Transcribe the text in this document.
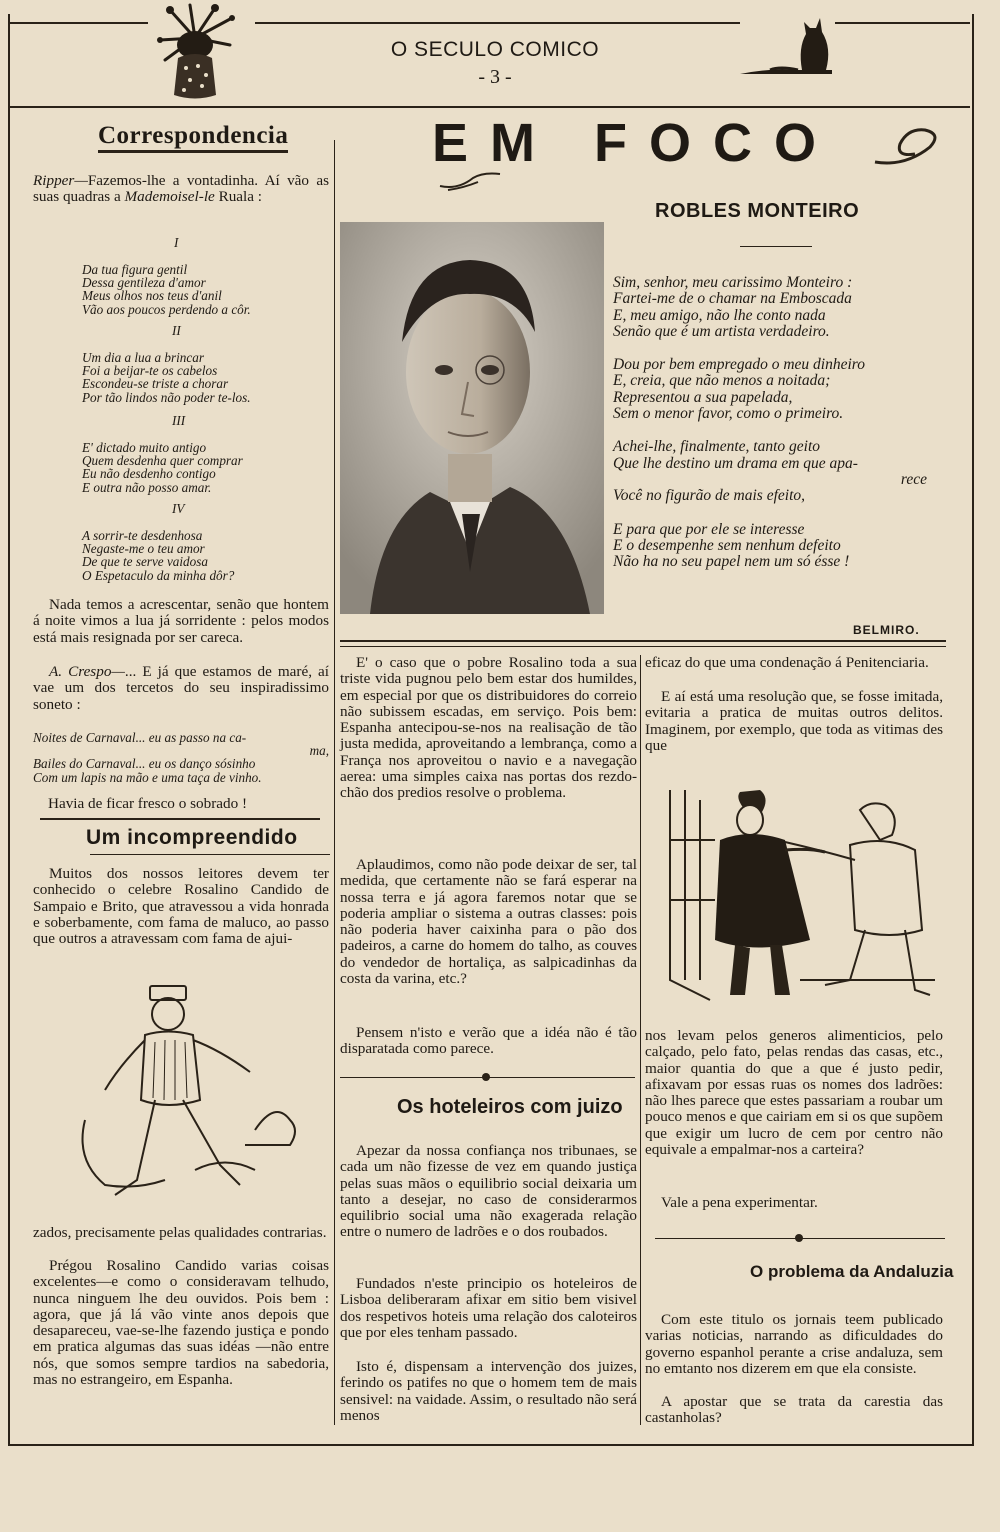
O SECULO COMICO
- 3 -
Correspondencia
Ripper—Fazemos-lhe a vontadinha. Aí vão as suas quadras a Mademoisel-le Ruala :
I
Da tua figura gentil
Dessa gentileza d'amor
Meus olhos nos teus d'anil
Vão aos poucos perdendo a côr.
II
Um dia a lua a brincar
Foi a beijar-te os cabelos
Escondeu-se triste a chorar
Por tão lindos não poder te-los.
III
E' dictado muito antigo
Quem desdenha quer comprar
Eu não desdenho contigo
E outra não posso amar.
IV
A sorrir-te desdenhosa
Negaste-me o teu amor
De que te serve vaidosa
O Espetaculo da minha dôr?
Nada temos a acrescentar, senão que hontem á noite vimos a lua já sorridente : pelos modos está mais resignada por ser careca.
A. Crespo—... E já que estamos de maré, aí vae um dos tercetos do seu inspiradissimo soneto :
Noites de Carnaval... eu as passo na ca-
ma,
Bailes do Carnaval... eu os danço sósinho
Com um lapis na mão e uma taça de vinho.
Havia de ficar fresco o sobrado !
Um incompreendido
Muitos dos nossos leitores devem ter conhecido o celebre Rosalino Candido de Sampaio e Brito, que atravessou a vida honrada e soberbamente, com fama de maluco, ao passo que outros a atravessam com fama de ajui-
zados, precisamente pelas qualidades contrarias.
Prégou Rosalino Candido varias coisas excelentes—e como o consideravam telhudo, nunca ninguem lhe deu ouvidos. Pois bem : agora, que já lá vão vinte anos depois que desapareceu, vae-se-lhe fazendo justiça e pondo em pratica algumas das suas idéas —não entre nós, que somos sempre tardios na sabedoria, mas no estrangeiro, em Espanha.
EM FOCO
ROBLES MONTEIRO
Sim, senhor, meu carissimo Monteiro :
Fartei-me de o chamar na Emboscada
E, meu amigo, não lhe conto nada
Senão que é um artista verdadeiro.
Dou por bem empregado o meu dinheiro
E, creia, que não menos a noitada;
Representou a sua papelada,
Sem o menor favor, como o primeiro.
Achei-lhe, finalmente, tanto geito
Que lhe destino um drama em que apa-
rece
Você no figurão de mais efeito,
E para que por ele se interesse
E o desempenhe sem nenhum defeito
Não ha no seu papel nem um só ésse !
BELMIRO.
E' o caso que o pobre Rosalino toda a sua triste vida pugnou pelo bem estar dos humildes, em especial por que os distribuidores do correio não subissem escadas, em serviço. Pois bem: Espanha antecipou-se-nos na realisação de tão justa medida, aproveitando a lembrança, como a França nos aproveitou o navio e a navegação aerea: uma simples caixa nas portas dos rezdo-chão dos predios resolve o problema.
Aplaudimos, como não pode deixar de ser, tal medida, que certamente não se fará esperar na nossa terra e já agora faremos notar que se poderia ampliar o sistema a outras classes: pois não poderia haver caixinha para o pão dos padeiros, a carne do homem do talho, as couves do vendedor de hortaliça, as salpicadinhas da costa da varina, etc.?
Pensem n'isto e verão que a idéa não é tão disparatada como parece.
Os hoteleiros com juizo
Apezar da nossa confiança nos tribunaes, se cada um não fizesse de vez em quando justiça pelas suas mãos o equilibrio social deixaria um tanto a desejar, no caso de considerarmos equilibrio social uma não exagerada relação entre o numero de ladrões e o dos roubados.
Fundados n'este principio os hoteleiros de Lisboa deliberaram afixar em sitio bem visivel dos respetivos hoteis uma relação dos caloteiros que por eles tenham passado.
Isto é, dispensam a intervenção dos juizes, ferindo os patifes no que o homem tem de mais sensivel: na vaidade. Assim, o resultado não será menos
eficaz do que uma condenação á Penitenciaria.
E aí está uma resolução que, se fosse imitada, evitaria a pratica de muitas outros delitos. Imaginem, por exemplo, que toda as vitimas des que
nos levam pelos generos alimenticios, pelo calçado, pelo fato, pelas rendas das casas, etc., maior quantia do que a que é justo pedir, afixavam por essas ruas os nomes dos ladrões: não lhes parece que estes passariam a roubar um pouco menos e que cairiam em si os que supõem que exigir um lucro de cem por centro não equivale a empalmar-nos a carteira?
Vale a pena experimentar.
O problema da Andaluzia
Com este titulo os jornais teem publicado varias noticias, narrando as dificuldades do governo espanhol perante a crise andaluza, sem no emtanto nos dizerem em que ela consiste.
A apostar que se trata da carestia das castanholas?
